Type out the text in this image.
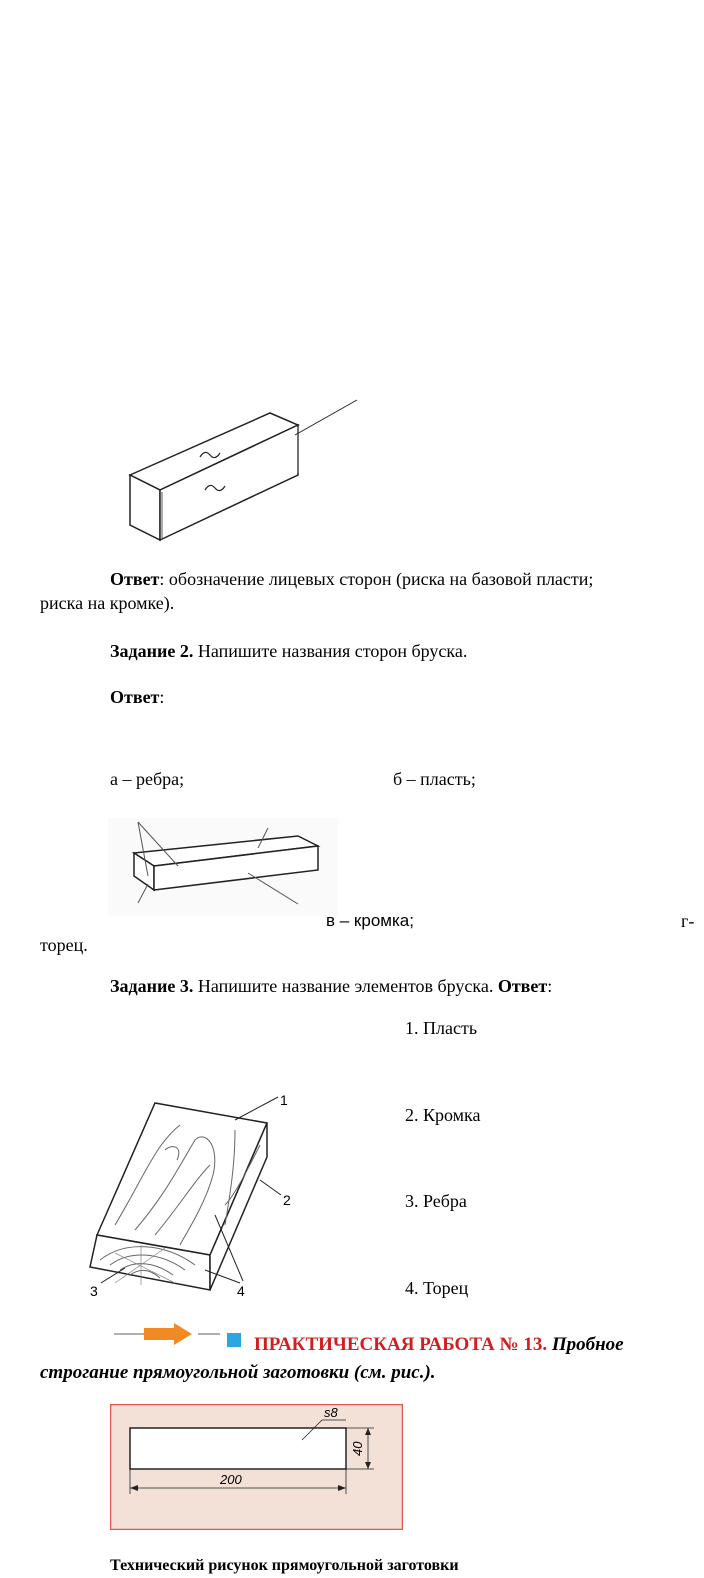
Ответ: обозначение лицевых сторон (риска на базовой пласти;
риска на кромке).
Задание 2. Напишите названия сторон бруска.
Ответ:
а – ребра;	б – пласть;
в – кромка;	г-
торец.
Задание 3. Напишите название элементов бруска. Ответ:
1
2
3	4
1. Пласть
2. Кромка
3. Ребра
4. Торец
ПРАКТИЧЕСКАЯ РАБОТА № 13. Пробное
строгание прямоугольной заготовки (см. рис.).
s8
40
200
Технический рисунок прямоугольной заготовки
